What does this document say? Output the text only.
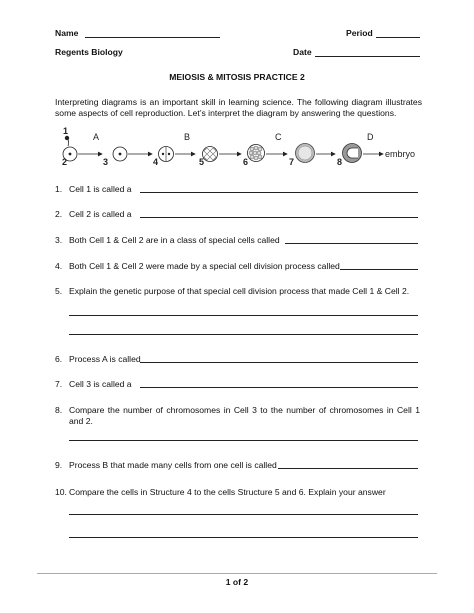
Name	Period
Regents Biology	Date
MEIOSIS & MITOSIS PRACTICE 2
Interpreting diagrams is an important skill in learning science. The following diagram illustrates some aspects of cell reproduction. Let’s interpret the diagram by answering the questions.
A	B	C	D
1
2	3	4	5	6	7	8
embryo
1. Cell 1 is called a
2. Cell 2 is called a
3. Both Cell 1 & Cell 2 are in a class of special cells called
4. Both Cell 1 & Cell 2 were made by a special cell division process called
5. Explain the genetic purpose of that special cell division process that made Cell 1 & Cell 2.
6. Process A is called
7. Cell 3 is called a
8. Compare the number of chromosomes in Cell 3 to the number of chromosomes in Cell 1 and 2.
9. Process B that made many cells from one cell is called
10. Compare the cells in Structure 4 to the cells Structure 5 and 6. Explain your answer
1 of 2
